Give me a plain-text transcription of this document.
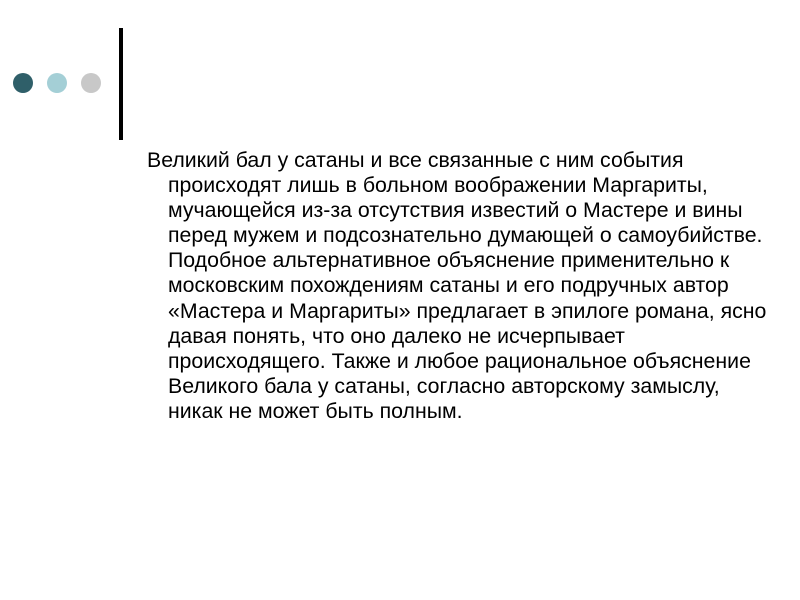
Великий бал у сатаны и все связанные с ним события происходят лишь в больном воображении Маргариты, мучающейся из-за отсутствия известий о Мастере и вины перед мужем и подсознательно думающей о самоубийстве. Подобное альтернативное объяснение применительно к московским похождениям сатаны и его подручных автор «Мастера и Маргариты» предлагает в эпилоге романа, ясно давая понять, что оно далеко не исчерпывает происходящего. Также и любое рациональное объяснение Великого бала у сатаны, согласно авторскому замыслу, никак не может быть полным.
